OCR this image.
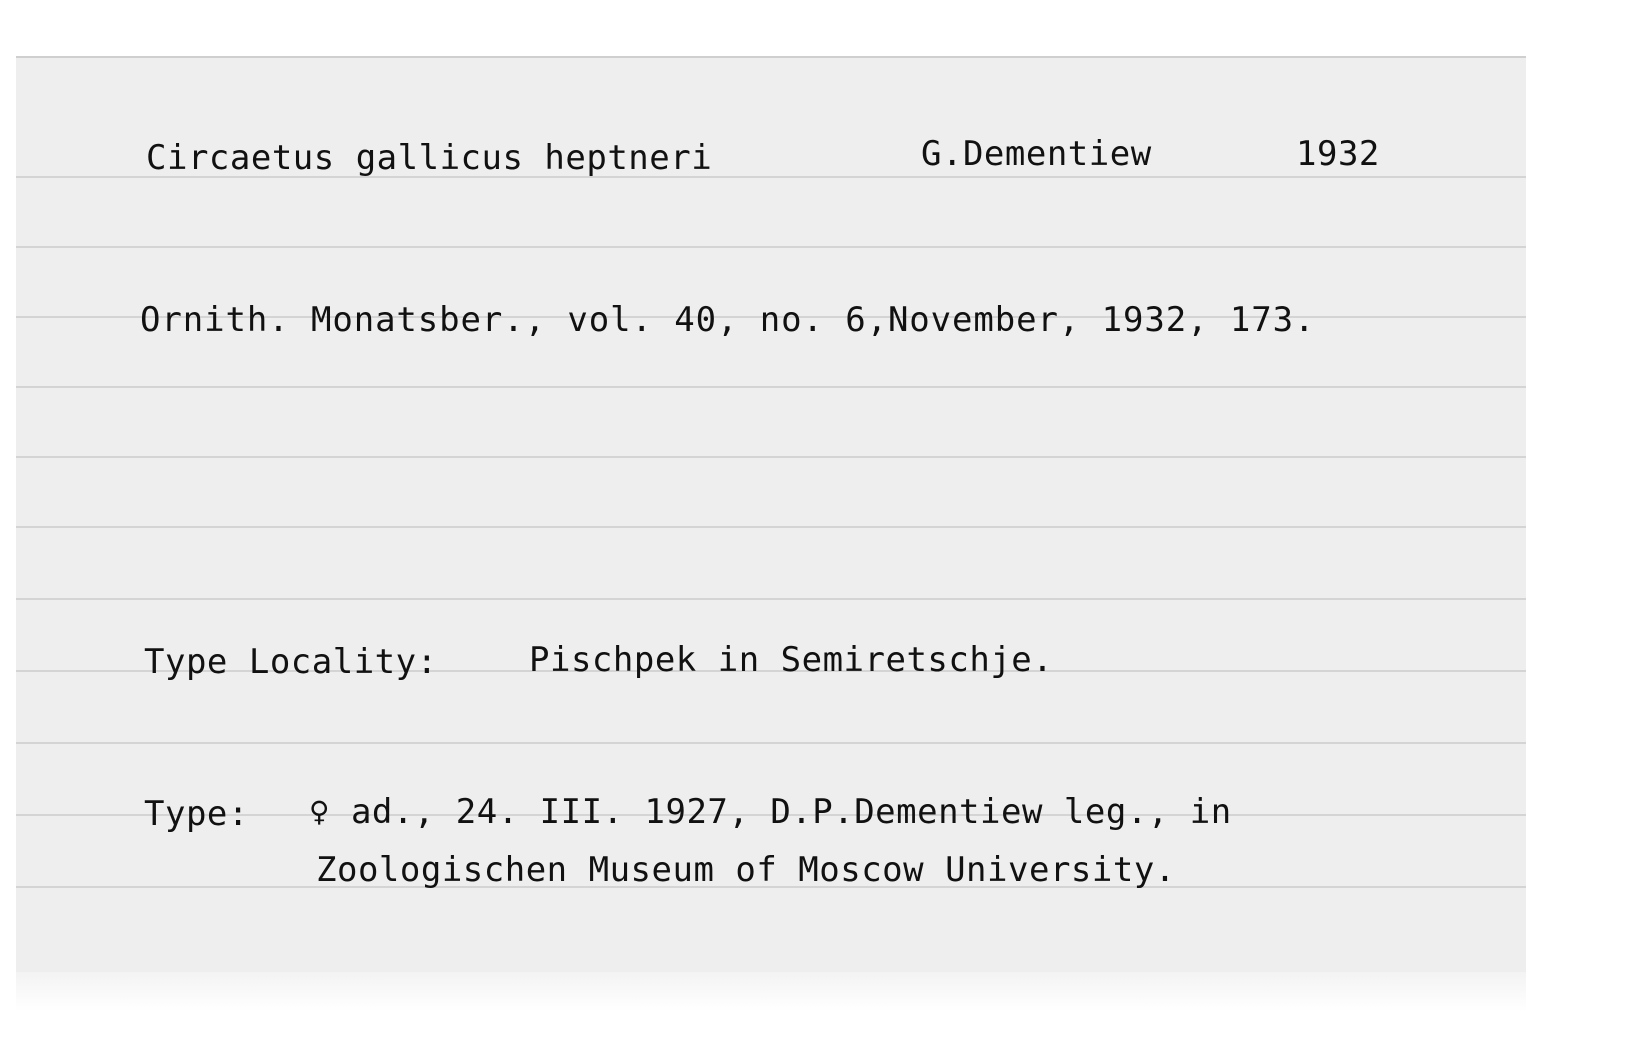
Circaetus gallicus heptneri	G.Dementiew	1932
Ornith. Monatsber., vol. 40, no. 6,November, 1932, 173.
Type Locality:	Pischpek in Semiretschje.
Type: ♀ ad., 24. III. 1927, D.P.Dementiew leg., in
Zoologischen Museum of Moscow University.
